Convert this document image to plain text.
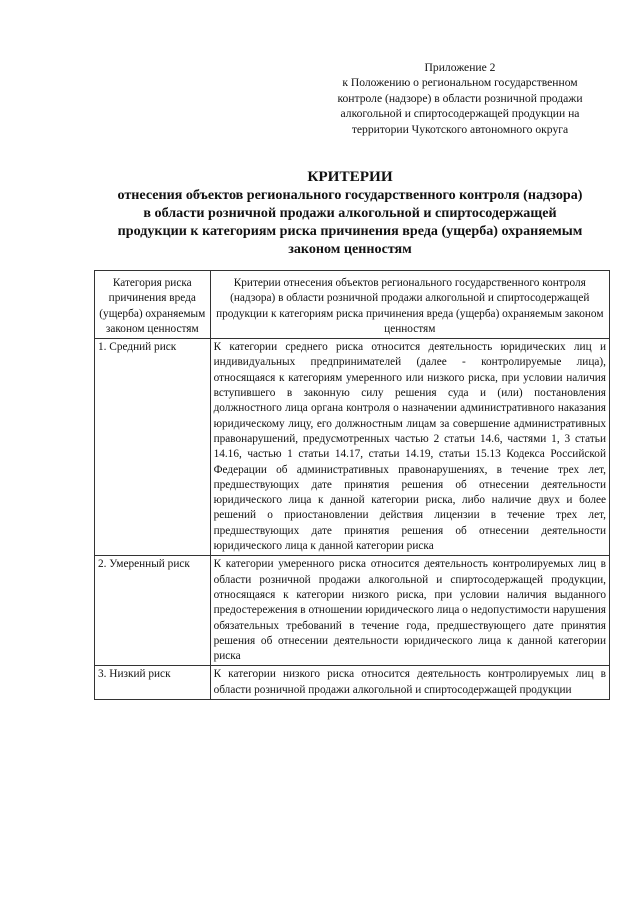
Приложение 2
к Положению о региональном государственном
контроле (надзоре) в области розничной продажи
алкогольной и спиртосодержащей продукции на
территории Чукотского автономного округа
КРИТЕРИИ
отнесения объектов регионального государственного контроля (надзора)
в области розничной продажи алкогольной и спиртосодержащей
продукции к категориям риска причинения вреда (ущерба) охраняемым
законом ценностям
Категория риска причинения вреда (ущерба) охраняемым законом ценностям	Критерии отнесения объектов регионального государственного контроля (надзора) в области розничной продажи алкогольной и спиртосодержащей продукции к категориям риска причинения вреда (ущерба) охраняемым законом ценностям
1. Средний риск	К категории среднего риска относится деятельность юридических лиц и индивидуальных предпринимателей (далее - контролируемые лица), относящаяся к категориям умеренного или низкого риска, при условии наличия вступившего в законную силу решения суда и (или) постановления должностного лица органа контроля о назначении административного наказания юридическому лицу, его должностным лицам за совершение административных правонарушений, предусмотренных частью 2 статьи 14.6, частями 1, 3 статьи 14.16, частью 1 статьи 14.17, статьи 14.19, статьи 15.13 Кодекса Российской Федерации об административных правонарушениях, в течение трех лет, предшествующих дате принятия решения об отнесении деятельности юридического лица к данной категории риска, либо наличие двух и более решений о приостановлении действия лицензии в течение трех лет, предшествующих дате принятия решения об отнесении деятельности юридического лица к данной категории риска
2. Умеренный риск	К категории умеренного риска относится деятельность контролируемых лиц в области розничной продажи алкогольной и спиртосодержащей продукции, относящаяся к категории низкого риска, при условии наличия выданного предостережения в отношении юридического лица о недопустимости нарушения обязательных требований в течение года, предшествующего дате принятия решения об отнесении деятельности юридического лица к данной категории риска
3. Низкий риск	К категории низкого риска относится деятельность контролируемых лиц в области розничной продажи алкогольной и спиртосодержащей продукции
